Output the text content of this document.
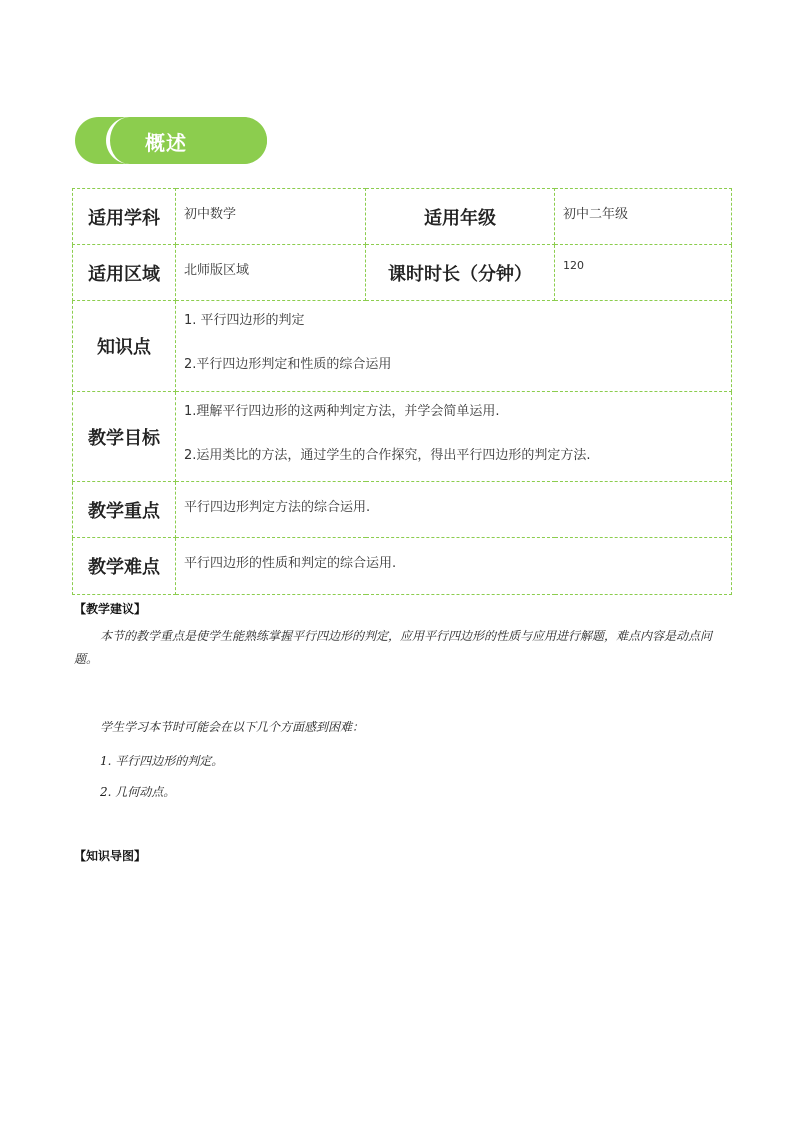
概述
适用学科	初中数学	适用年级	初中二年级
适用区域	北师版区域	课时时长（分钟）	120
知识点	1. 平行四边形的判定

2.平行四边形判定和性质的综合运用		

教学目标	1.理解平行四边形的这两种判定方法，并学会简单运用.

2.运用类比的方法，通过学生的合作探究，得出平行四边形的判定方法.		

教学重点	平行四边形判定方法的综合运用.		
教学难点	平行四边形的性质和判定的综合运用.		
【教学建议】
本节的教学重点是使学生能熟练掌握平行四边形的判定，应用平行四边形的性质与应用进行解题，难点内容是动点问题。
学生学习本节时可能会在以下几个方面感到困难：
1. 平行四边形的判定。
2. 几何动点。
【知识导图】
